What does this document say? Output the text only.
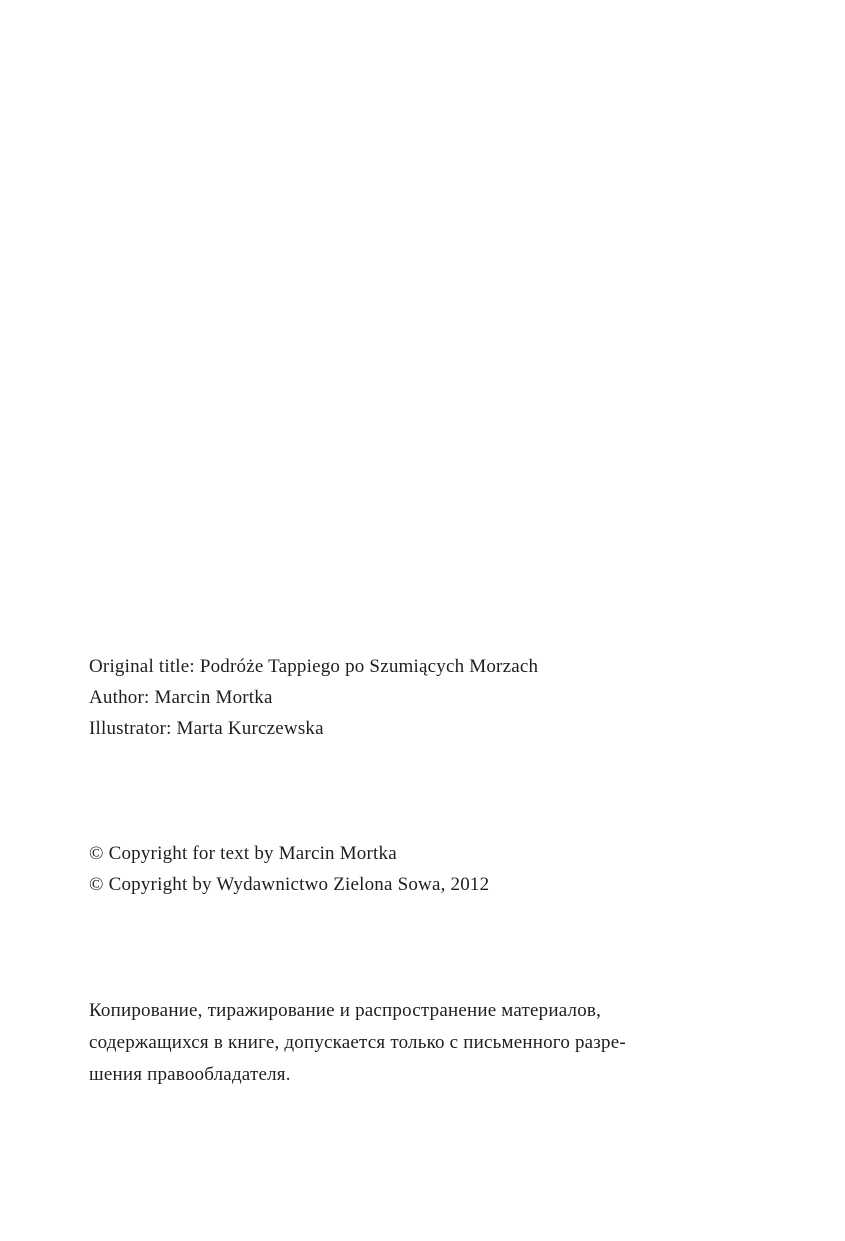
Original title: Podróże Tappiego po Szumiących Morzach
Author: Marcin Mortka
Illustrator: Marta Kurczewska
© Copyright for text by Marcin Mortka
© Copyright by Wydawnictwo Zielona Sowa, 2012
Копирование, тиражирование и распространение материалов,
содержащихся в книге, допускается только с письменного разре-
шения правообладателя.
